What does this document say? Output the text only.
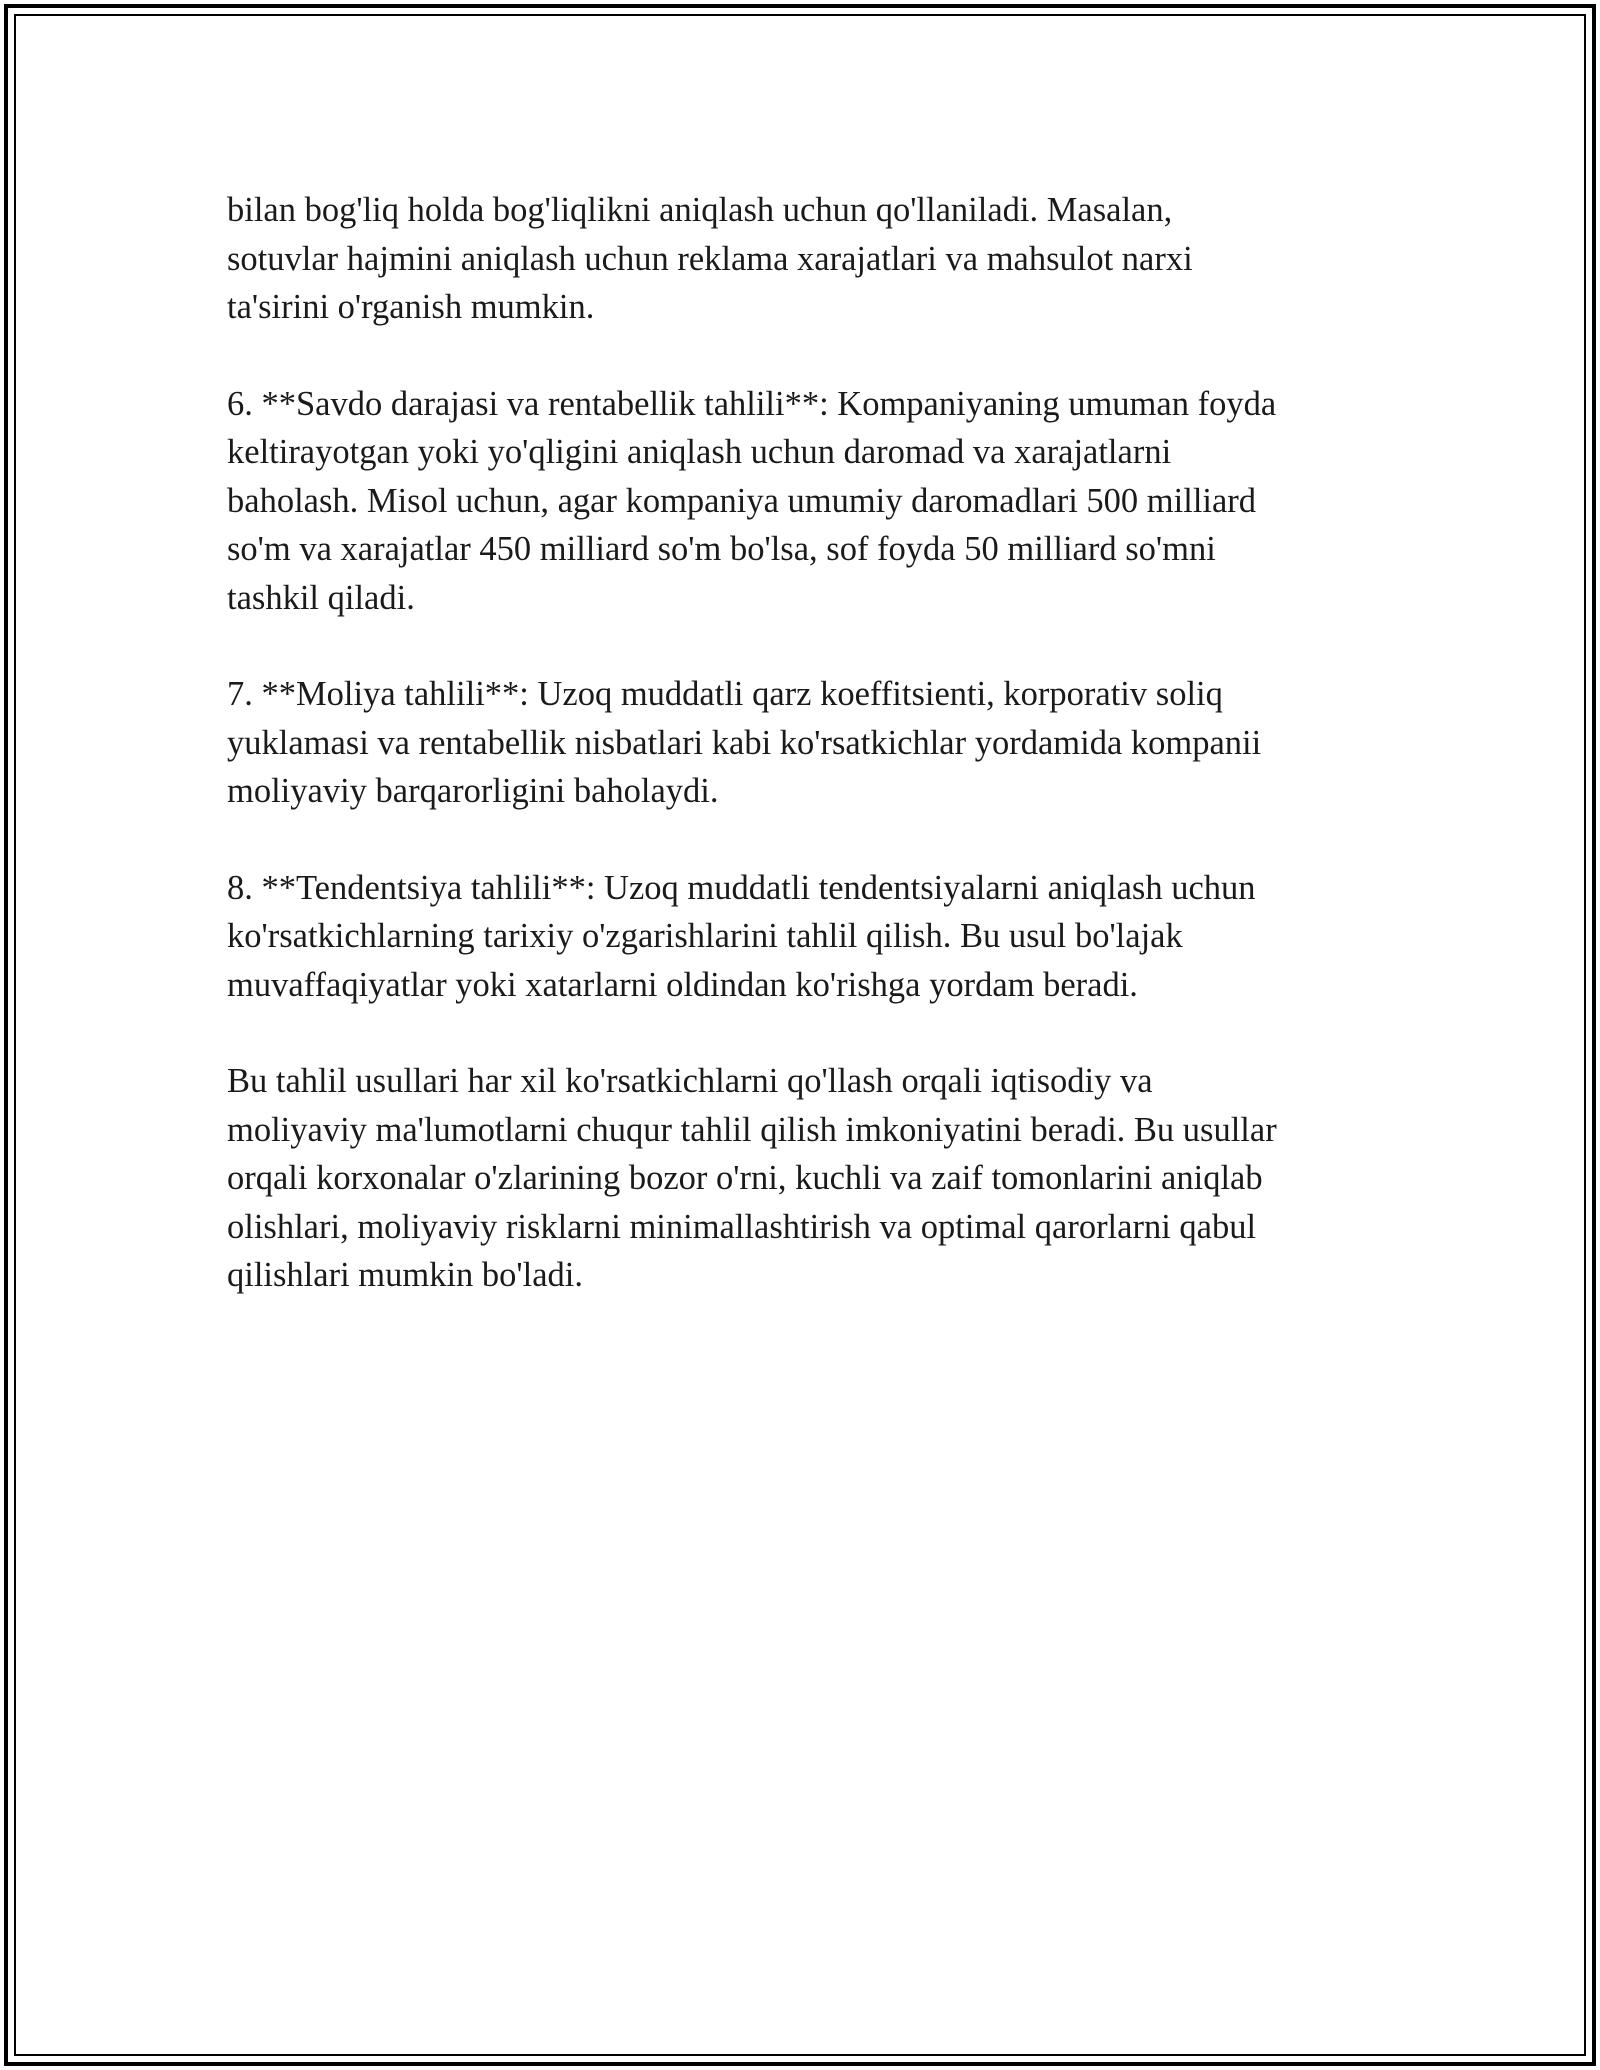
bilan bog'liq holda bog'liqlikni aniqlash uchun qo'llaniladi. Masalan,
sotuvlar hajmini aniqlash uchun reklama xarajatlari va mahsulot narxi
ta'sirini o'rganish mumkin.

6. **Savdo darajasi va rentabellik tahlili**: Kompaniyaning umuman foyda
keltirayotgan yoki yo'qligini aniqlash uchun daromad va xarajatlarni
baholash. Misol uchun, agar kompaniya umumiy daromadlari 500 milliard
so'm va xarajatlar 450 milliard so'm bo'lsa, sof foyda 50 milliard so'mni
tashkil qiladi.

7. **Moliya tahlili**: Uzoq muddatli qarz koeffitsienti, korporativ soliq
yuklamasi va rentabellik nisbatlari kabi ko'rsatkichlar yordamida kompanii
moliyaviy barqarorligini baholaydi.

8. **Tendentsiya tahlili**: Uzoq muddatli tendentsiyalarni aniqlash uchun
ko'rsatkichlarning tarixiy o'zgarishlarini tahlil qilish. Bu usul bo'lajak
muvaffaqiyatlar yoki xatarlarni oldindan ko'rishga yordam beradi.

Bu tahlil usullari har xil ko'rsatkichlarni qo'llash orqali iqtisodiy va
moliyaviy ma'lumotlarni chuqur tahlil qilish imkoniyatini beradi. Bu usullar
orqali korxonalar o'zlarining bozor o'rni, kuchli va zaif tomonlarini aniqlab
olishlari, moliyaviy risklarni minimallashtirish va optimal qarorlarni qabul
qilishlari mumkin bo'ladi.
